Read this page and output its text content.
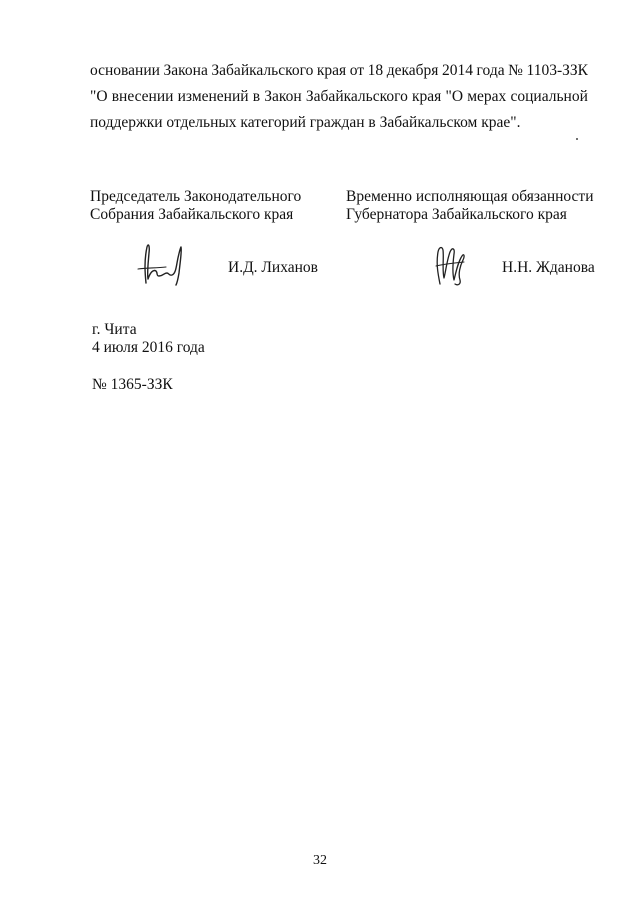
основании Закона Забайкальского края от 18 декабря 2014 года № 1103-ЗЗК
"О внесении изменений в Закон Забайкальского края "О мерах социальной
поддержки отдельных категорий граждан в Забайкальском крае".
Председатель Законодательного
Собрания Забайкальского края
И.Д. Лиханов
Временно исполняющая обязанности
Губернатора Забайкальского края
Н.Н. Жданова
г. Чита
4 июля 2016 года
№ 1365-ЗЗК
32
